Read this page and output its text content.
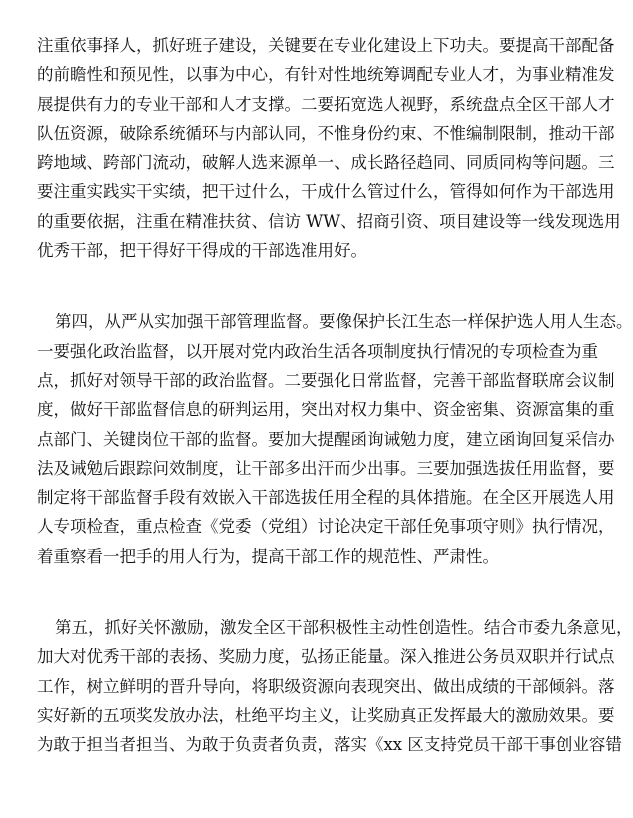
注重依事择人，抓好班子建设，关键要在专业化建设上下功夫。要提高干部配备
的前瞻性和预见性，以事为中心，有针对性地统筹调配专业人才，为事业精准发
展提供有力的专业干部和人才支撑。二要拓宽选人视野，系统盘点全区干部人才
队伍资源，破除系统循环与内部认同，不惟身份约束、不惟编制限制，推动干部
跨地域、跨部门流动，破解人选来源单一、成长路径趋同、同质同构等问题。三
要注重实践实干实绩，把干过什么，干成什么管过什么，管得如何作为干部选用
的重要依据，注重在精准扶贫、信访 WW、招商引资、项目建设等一线发现选用
优秀干部，把干得好干得成的干部选准用好。
第四，从严从实加强干部管理监督。要像保护长江生态一样保护选人用人生态。
一要强化政治监督，以开展对党内政治生活各项制度执行情况的专项检查为重
点，抓好对领导干部的政治监督。二要强化日常监督，完善干部监督联席会议制
度，做好干部监督信息的研判运用，突出对权力集中、资金密集、资源富集的重
点部门、关键岗位干部的监督。要加大提醒函询诫勉力度，建立函询回复采信办
法及诫勉后跟踪问效制度，让干部多出汗而少出事。三要加强选拔任用监督，要
制定将干部监督手段有效嵌入干部选拔任用全程的具体措施。在全区开展选人用
人专项检查，重点检查《党委（党组）讨论决定干部任免事项守则》执行情况，
着重察看一把手的用人行为，提高干部工作的规范性、严肃性。
第五，抓好关怀激励，激发全区干部积极性主动性创造性。结合市委九条意见，
加大对优秀干部的表扬、奖励力度，弘扬正能量。深入推进公务员双职并行试点
工作，树立鲜明的晋升导向，将职级资源向表现突出、做出成绩的干部倾斜。落
实好新的五项奖发放办法，杜绝平均主义，让奖励真正发挥最大的激励效果。要
为敢于担当者担当、为敢于负责者负责，落实《xx 区支持党员干部干事创业容错
